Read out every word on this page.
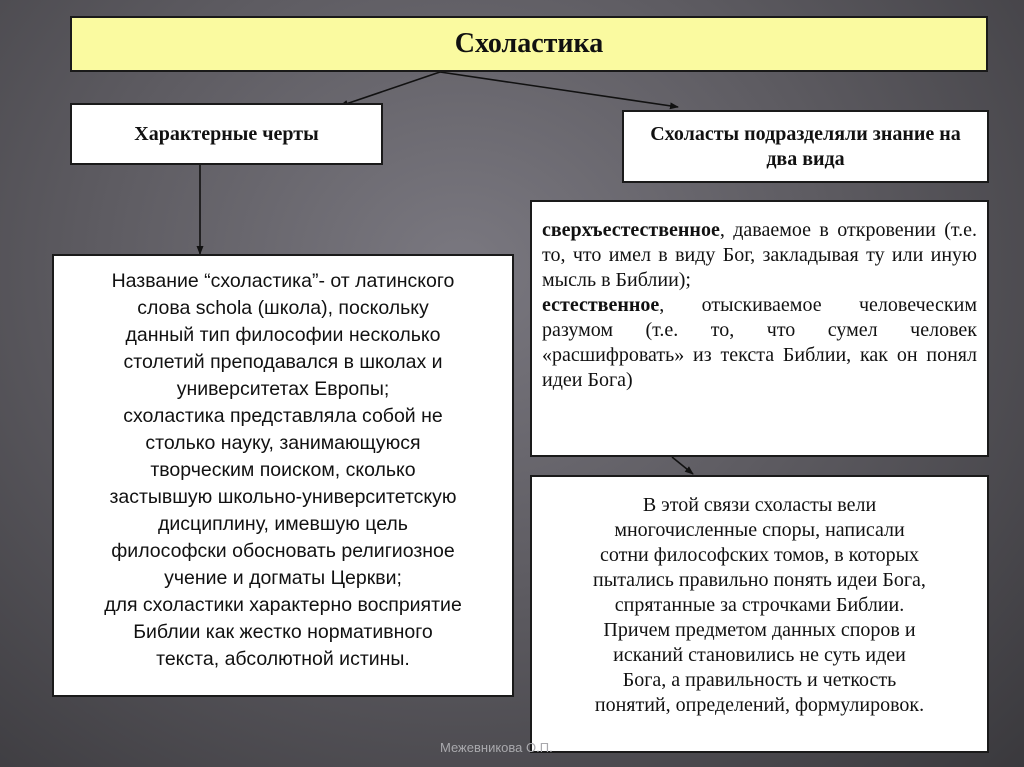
Схоластика
Характерные черты	Схоласты подразделяли знание на два вида
Название “схоластика”- от латинского
слова schola (школа), поскольку
данный тип философии несколько
столетий преподавался в школах и
университетах Европы;
схоластика представляла собой не
столько науку, занимающуюся
творческим поиском, сколько
застывшую школьно-университетскую
дисциплину, имевшую цель
философски обосновать религиозное
учение и догматы Церкви;
для схоластики характерно восприятие
Библии как жестко нормативного
текста, абсолютной истины.
сверхъестественное, даваемое в откровении (т.е. то, что имел в виду Бог, закладывая ту или иную мысль в Библии);
естественное, отыскиваемое человеческим разумом (т.е. то, что сумел человек «расшифровать» из текста Библии, как он понял идеи Бога)
В этой связи схоласты вели
многочисленные споры, написали
сотни философских томов, в которых
пытались правильно понять идеи Бога,
спрятанные за строчками Библии.
Причем предметом данных споров и
исканий становились не суть идеи
Бога, а правильность и четкость
понятий, определений, формулировок.
Межевникова О.П.
